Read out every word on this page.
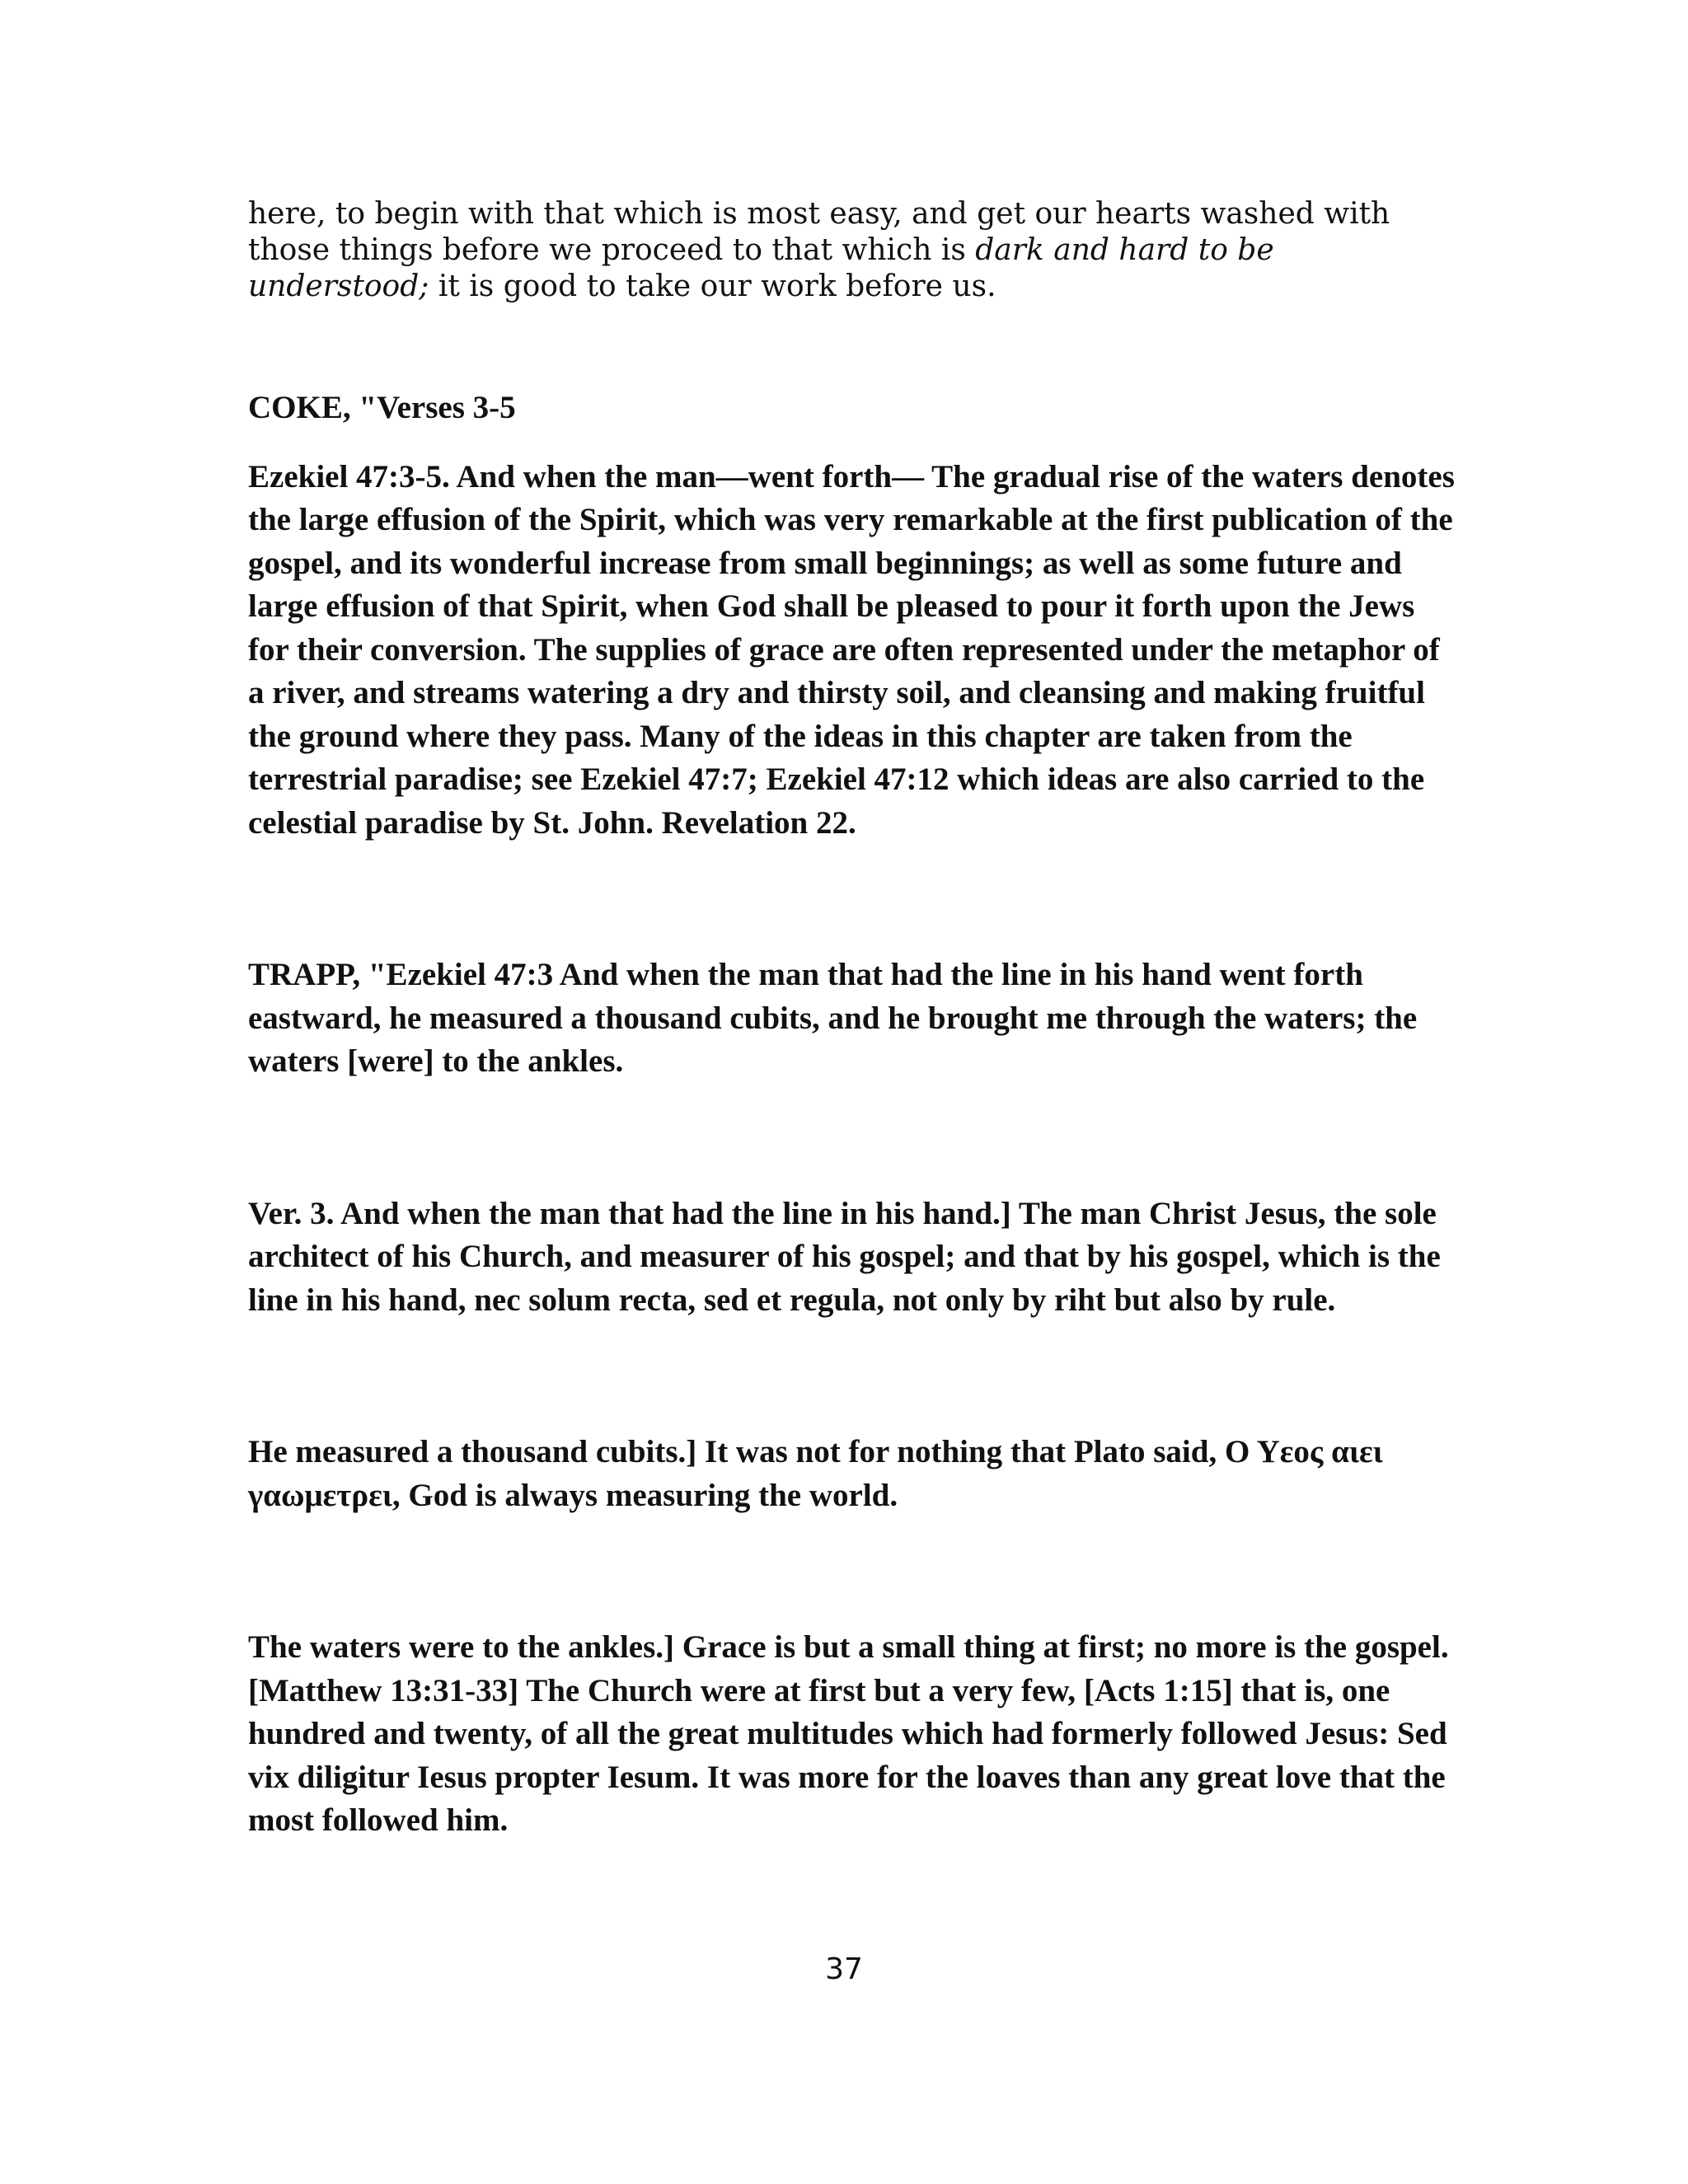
here, to begin with that which is most easy, and get our hearts washed with those things before we proceed to that which is dark and hard to be understood; it is good to take our work before us.

COKE, "Verses 3-5

Ezekiel 47:3-5. And when the man—went forth— The gradual rise of the waters denotes the large effusion of the Spirit, which was very remarkable at the first publication of the gospel, and its wonderful increase from small beginnings; as well as some future and large effusion of that Spirit, when God shall be pleased to pour it forth upon the Jews for their conversion. The supplies of grace are often represented under the metaphor of a river, and streams watering a dry and thirsty soil, and cleansing and making fruitful the ground where they pass. Many of the ideas in this chapter are taken from the terrestrial paradise; see Ezekiel 47:7; Ezekiel 47:12 which ideas are also carried to the celestial paradise by St. John. Revelation 22.

TRAPP, "Ezekiel 47:3 And when the man that had the line in his hand went forth eastward, he measured a thousand cubits, and he brought me through the waters; the waters [were] to the ankles.

Ver. 3. And when the man that had the line in his hand.] The man Christ Jesus, the sole architect of his Church, and measurer of his gospel; and that by his gospel, which is the line in his hand, nec solum recta, sed et regula, not only by riht but also by rule.

He measured a thousand cubits.] It was not for nothing that Plato said, Ο Υεος αιει γαωμετρει, God is always measuring the world.

The waters were to the ankles.] Grace is but a small thing at first; no more is the gospel. [Matthew 13:31-33] The Church were at first but a very few, [Acts 1:15] that is, one hundred and twenty, of all the great multitudes which had formerly followed Jesus: Sed vix diligitur Iesus propter Iesum. It was more for the loaves than any great love that the most followed him.

37
